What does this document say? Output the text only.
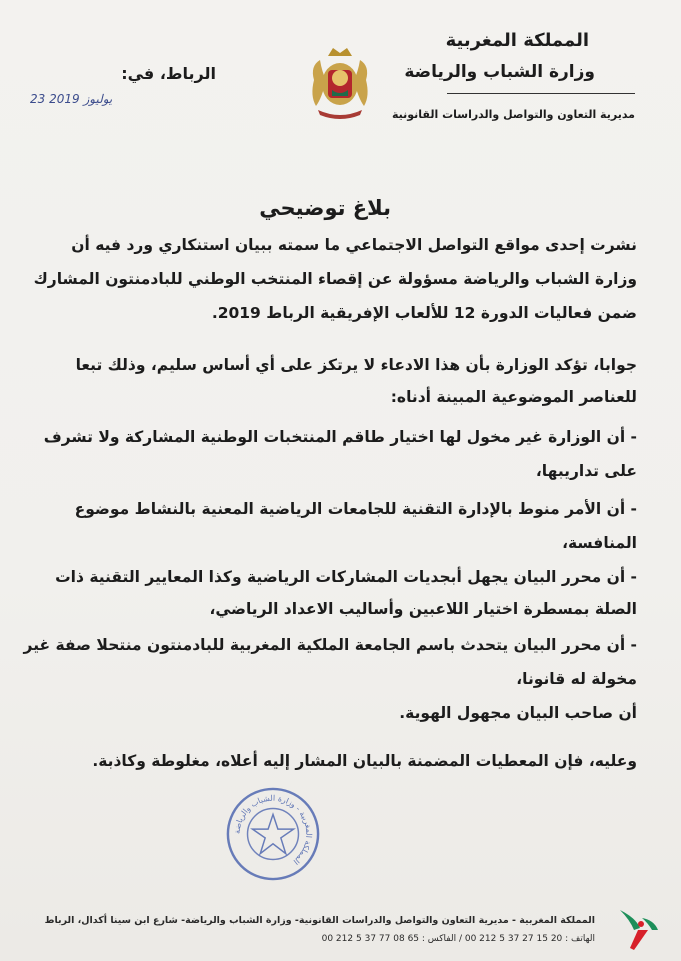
المملكة المغربية
وزارة الشباب والرياضة
مديرية التعاون والتواصل والدراسات القانونية
الرباط، في:
23 يوليوز 2019
بلاغ توضيحي
نشرت إحدى مواقع التواصل الاجتماعي ما سمته ببيان استنكاري ورد فيه أن
وزارة الشباب والرياضة مسؤولة عن إقصاء المنتخب الوطني للبادمنتون المشارك
ضمن فعاليات الدورة 12 للألعاب الإفريقية الرباط 2019.
جوابا، تؤكد الوزارة بأن هذا الادعاء لا يرتكز على أي أساس سليم، وذلك تبعا
للعناصر الموضوعية المبينة أدناه:
- أن الوزارة غير مخول لها اختيار طاقم المنتخبات الوطنية المشاركة ولا تشرف
على تداريبها،
- أن الأمر منوط بالإدارة التقنية للجامعات الرياضية المعنية بالنشاط موضوع
المنافسة،
- أن محرر البيان يجهل أبجديات المشاركات الرياضية وكذا المعايير التقنية ذات
الصلة بمسطرة اختيار اللاعبين وأساليب الاعداد الرياضي،
- أن محرر البيان يتحدث باسم الجامعة الملكية المغربية للبادمنتون منتحلا صفة غير
مخولة له قانونا،
أن صاحب البيان مجهول الهوية.
وعليه، فإن المعطيات المضمنة بالبيان المشار إليه أعلاه، مغلوطة وكاذبة.
المملكة المغربية - وزارة الشباب والرياضة
المملكة المغربية - مديرية التعاون والتواصل والدراسات القانونية- وزارة الشباب والرياضة- شارع ابن سينا أكدال، الرباط
الهاتف : 20 15 27 37 5 212 00 / الفاكس : 65 08 77 37 5 212 00
